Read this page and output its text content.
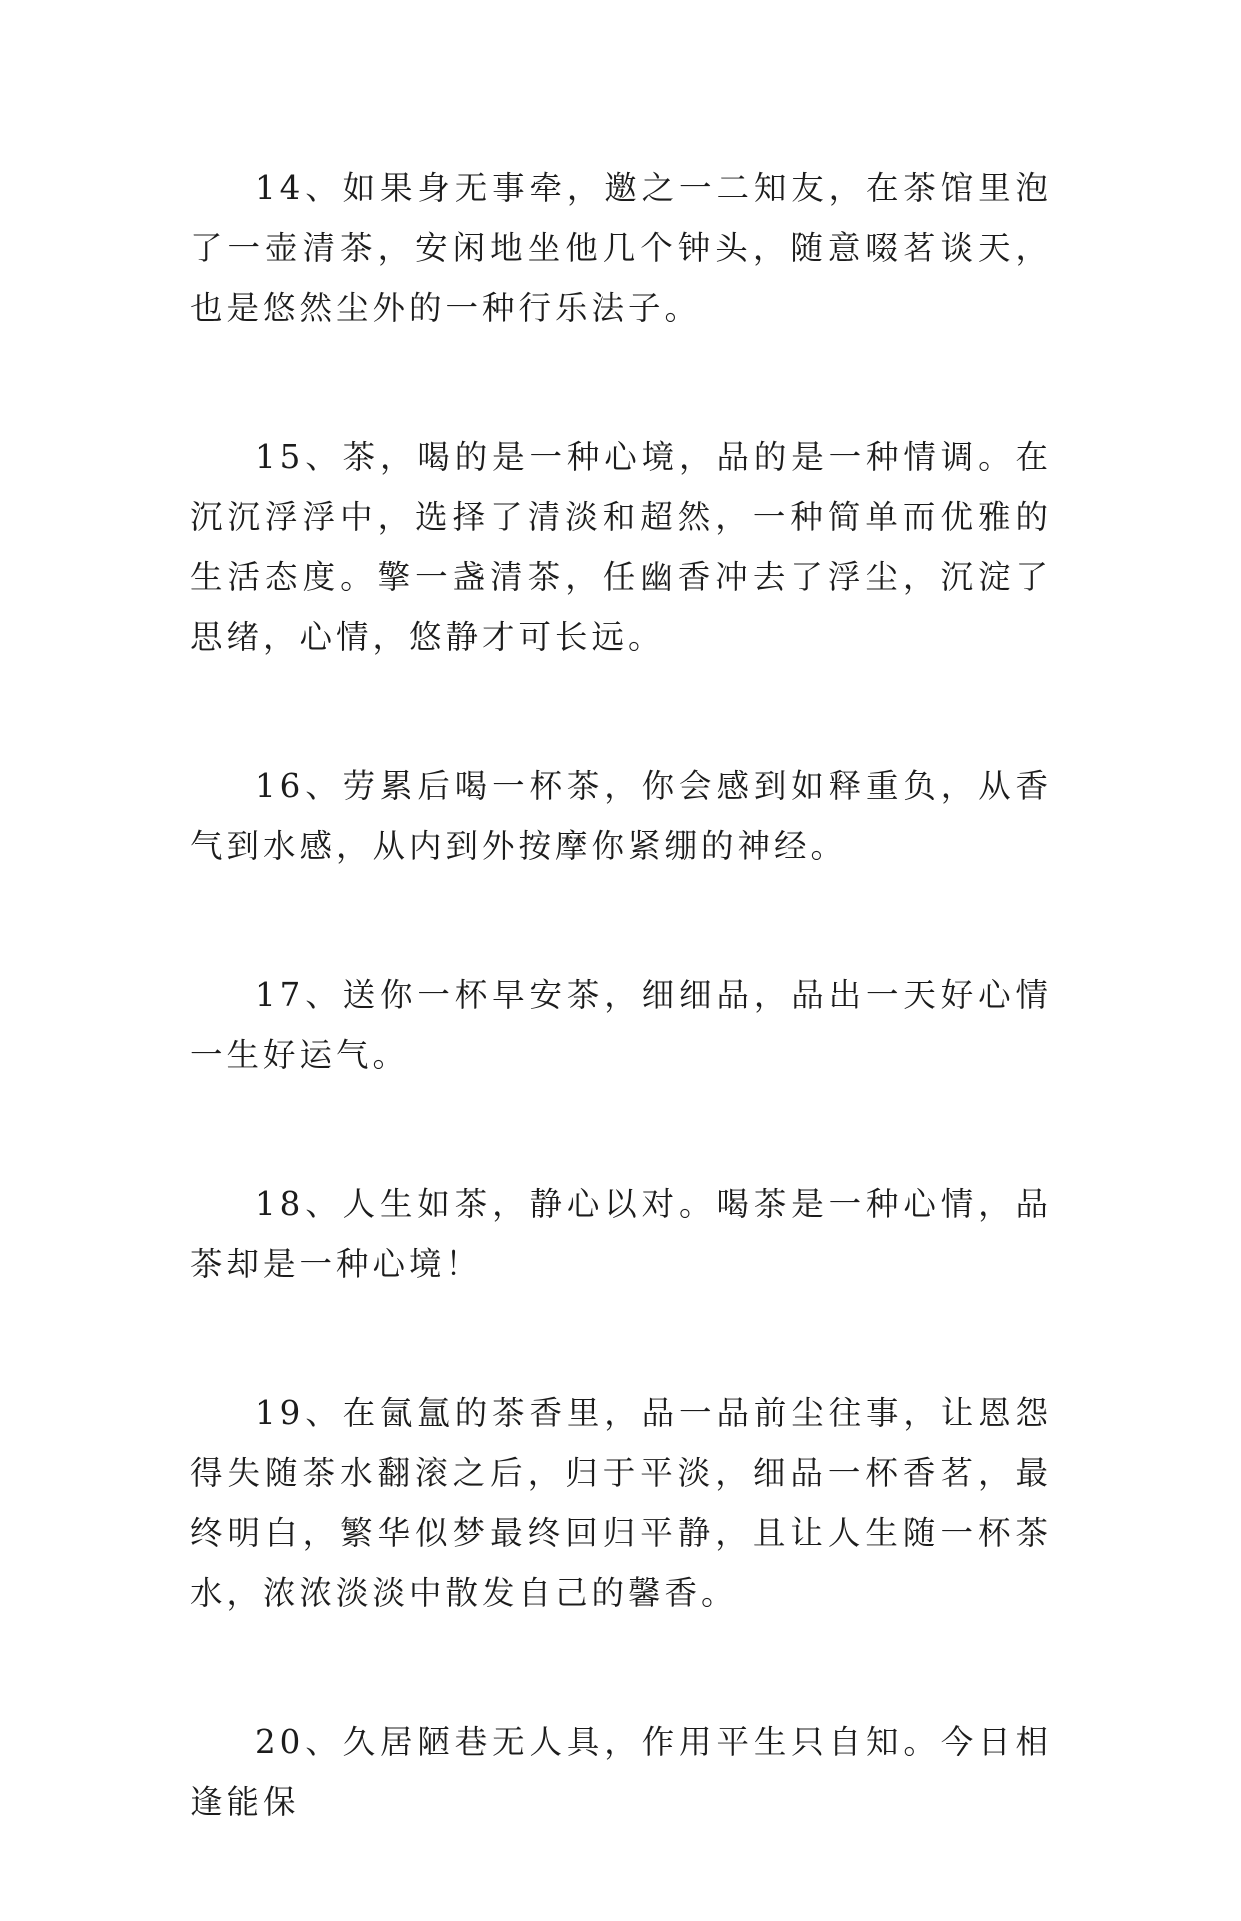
14、如果身无事牵，邀之一二知友，在茶馆里泡了一壶清茶，安闲地坐他几个钟头，随意啜茗谈天，也是悠然尘外的一种行乐法子。

15、茶，喝的是一种心境，品的是一种情调。在沉沉浮浮中，选择了清淡和超然，一种简单而优雅的生活态度。擎一盏清茶，任幽香冲去了浮尘，沉淀了思绪，心情，悠静才可长远。

16、劳累后喝一杯茶，你会感到如释重负，从香气到水感，从内到外按摩你紧绷的神经。

17、送你一杯早安茶，细细品，品出一天好心情一生好运气。

18、人生如茶，静心以对。喝茶是一种心情，品茶却是一种心境！

19、在氤氲的茶香里，品一品前尘往事，让恩怨得失随茶水翻滚之后，归于平淡，细品一杯香茗，最终明白，繁华似梦最终回归平静，且让人生随一杯茶水，浓浓淡淡中散发自己的馨香。

20、久居陋巷无人具，作用平生只自知。今日相逢能保
